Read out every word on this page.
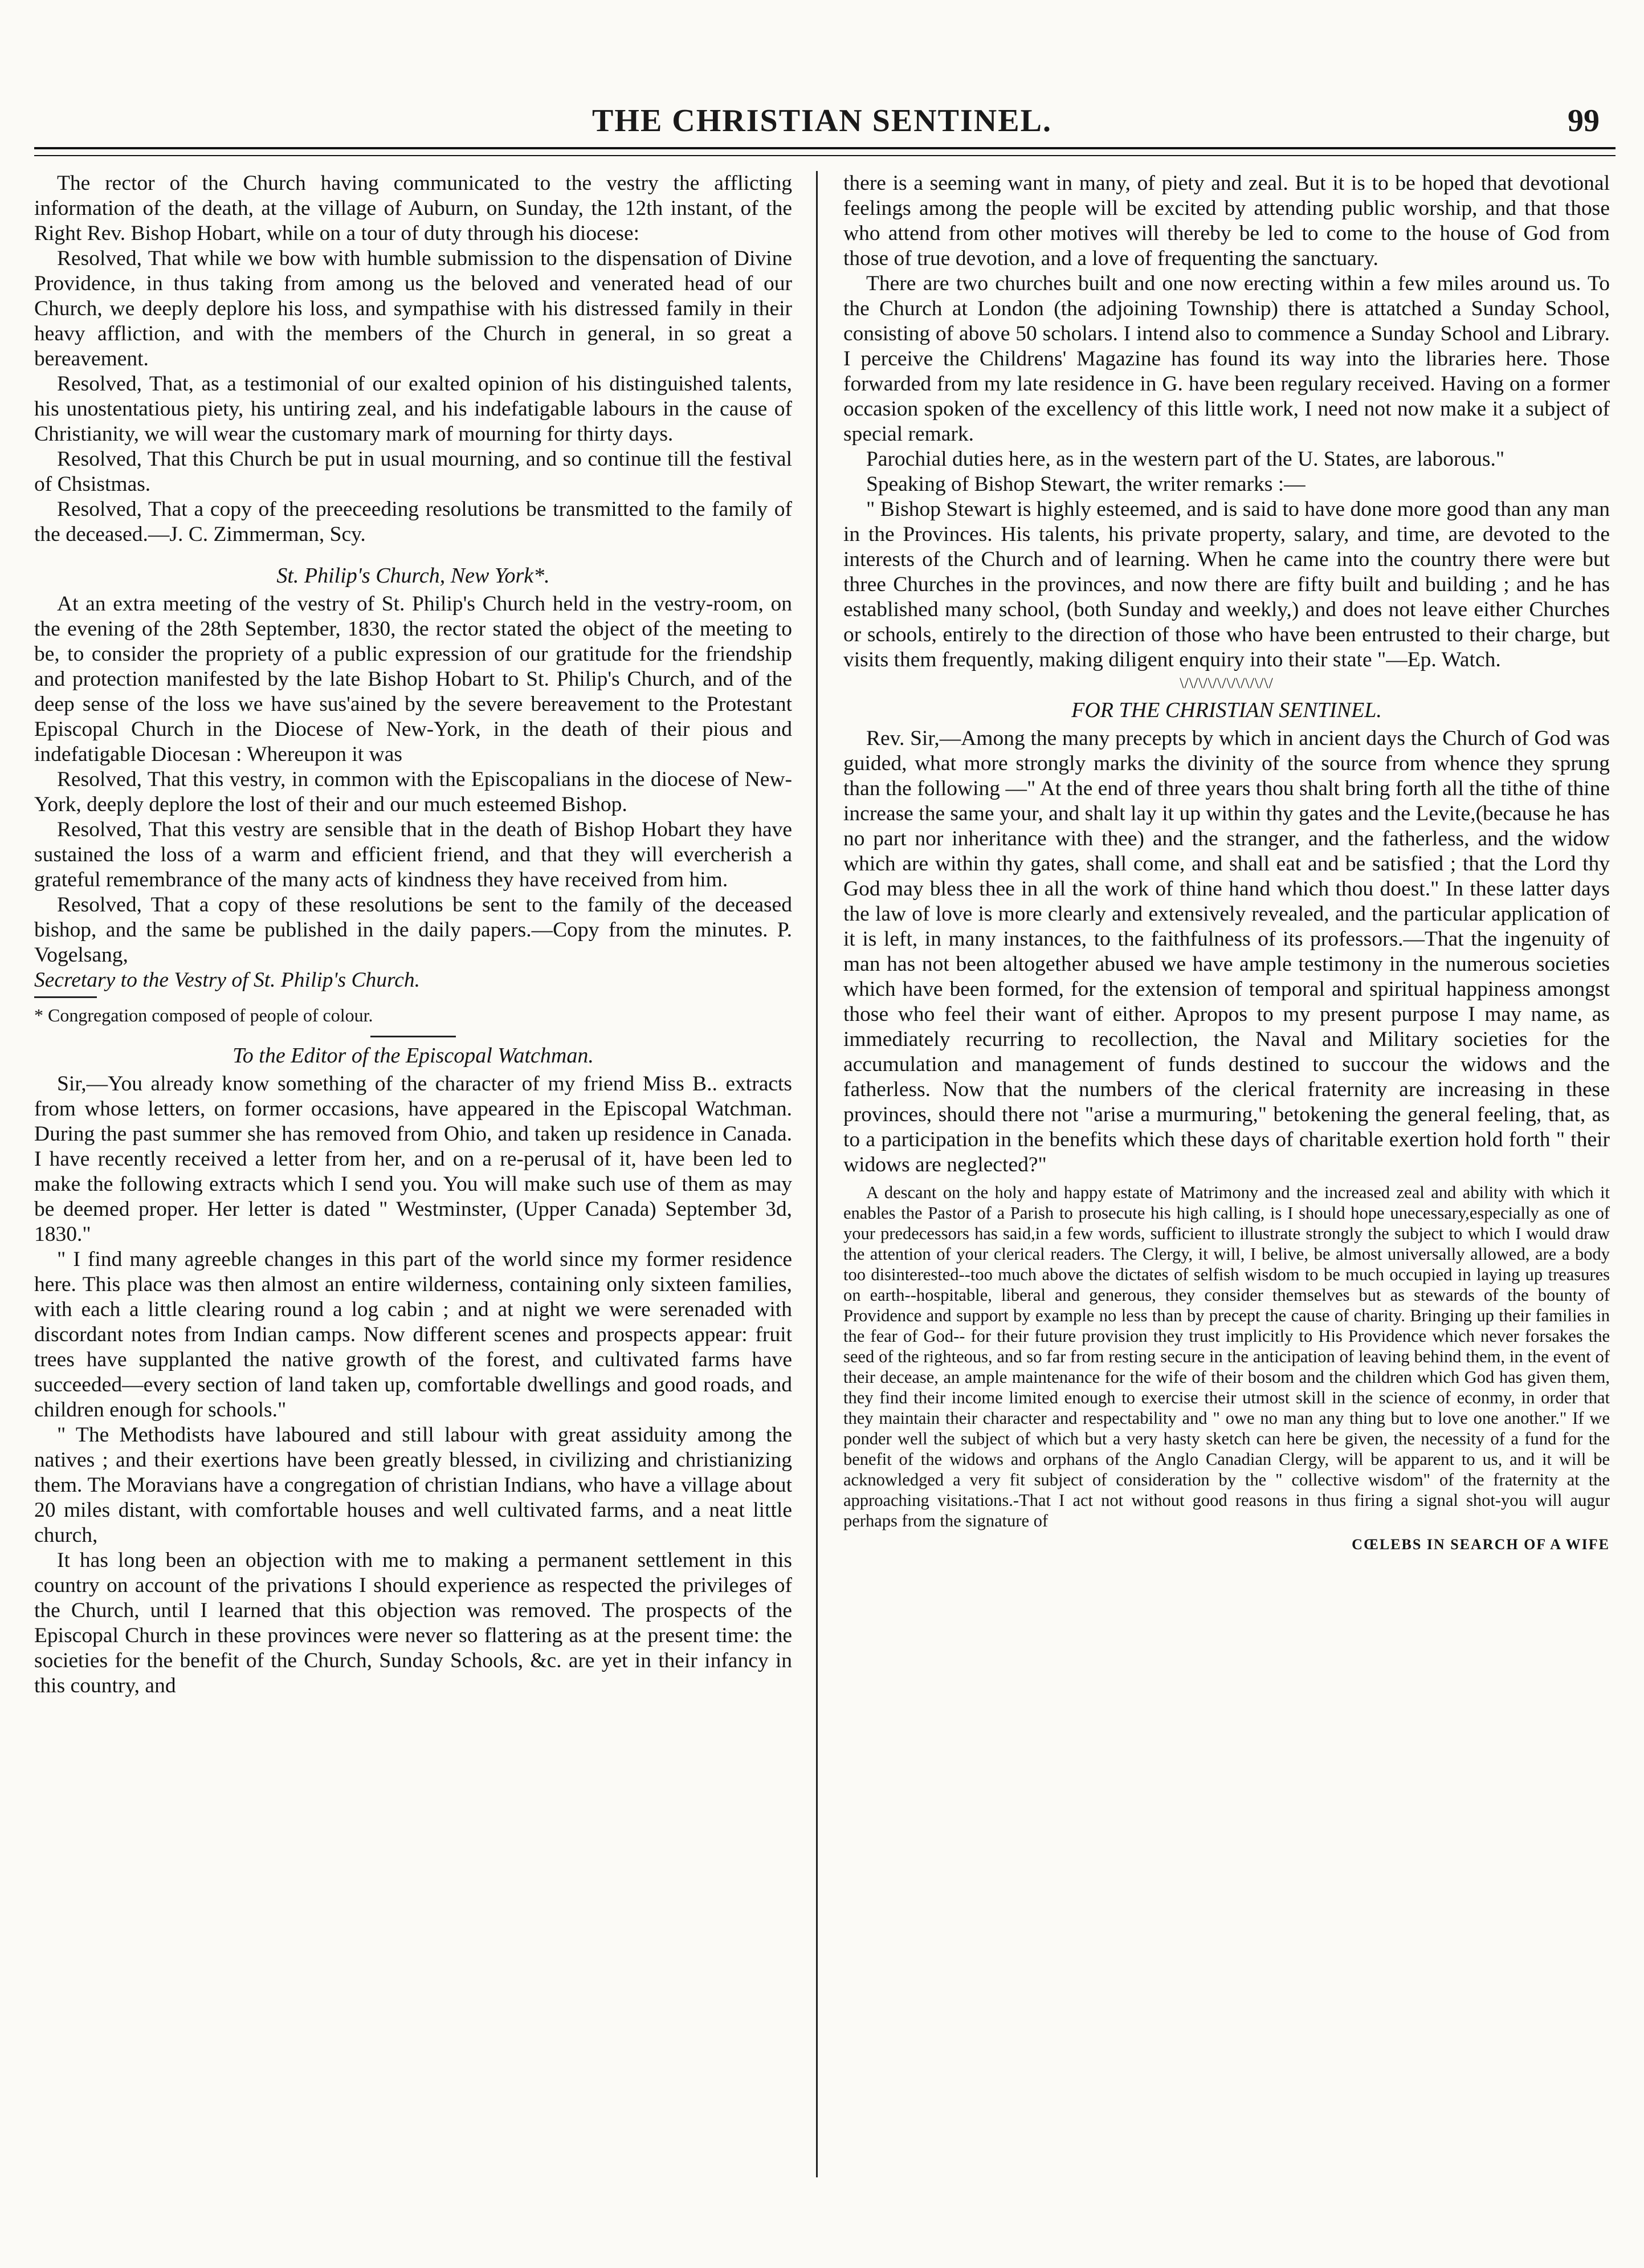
THE CHRISTIAN SENTINEL.	99

The rector of the Church having communicated to the vestry the afflicting information of the death, at the village of Auburn, on Sunday, the 12th instant, of the Right Rev. Bishop Hobart, while on a tour of duty through his diocese:

Resolved, That while we bow with humble submission to the dispensation of Divine Providence, in thus taking from among us the beloved and venerated head of our Church, we deeply deplore his loss, and sympathise with his distressed family in their heavy affliction, and with the members of the Church in general, in so great a bereavement.

Resolved, That, as a testimonial of our exalted opinion of his distinguished talents, his unostentatious piety, his untiring zeal, and his indefatigable labours in the cause of Christianity, we will wear the customary mark of mourning for thirty days.

Resolved, That this Church be put in usual mourning, and so continue till the festival of Chsistmas.

Resolved, That a copy of the preeceeding resolutions be transmitted to the family of the deceased.—J. C. Zimmerman, Scy.

St. Philip's Church, New York*.

At an extra meeting of the vestry of St. Philip's Church held in the vestry-room, on the evening of the 28th September, 1830, the rector stated the object of the meeting to be, to consider the propriety of a public expression of our gratitude for the friendship and protection manifested by the late Bishop Hobart to St. Philip's Church, and of the deep sense of the loss we have sus'ained by the severe bereavement to the Protestant Episcopal Church in the Diocese of New-York, in the death of their pious and indefatigable Diocesan : Whereupon it was

Resolved, That this vestry, in common with the Episcopalians in the diocese of New-York, deeply deplore the lost of their and our much esteemed Bishop.

Resolved, That this vestry are sensible that in the death of Bishop Hobart they have sustained the loss of a warm and efficient friend, and that they will evercherish a grateful remembrance of the many acts of kindness they have received from him.

Resolved, That a copy of these resolutions be sent to the family of the deceased bishop, and the same be published in the daily papers.—Copy from the minutes. P. Vogelsang,

Secretary to the Vestry of St. Philip's Church.

* Congregation composed of people of colour.

To the Editor of the Episcopal Watchman.

Sir,—You already know something of the character of my friend Miss B.. extracts from whose letters, on former occasions, have appeared in the Episcopal Watchman. During the past summer she has removed from Ohio, and taken up residence in Canada. I have recently received a letter from her, and on a re-perusal of it, have been led to make the following extracts which I send you. You will make such use of them as may be deemed proper. Her letter is dated " Westminster, (Upper Canada) September 3d, 1830."

" I find many agreeble changes in this part of the world since my former residence here. This place was then almost an entire wilderness, containing only sixteen families, with each a little clearing round a log cabin ; and at night we were serenaded with discordant notes from Indian camps. Now different scenes and prospects appear: fruit trees have supplanted the native growth of the forest, and cultivated farms have succeeded—every section of land taken up, comfortable dwellings and good roads, and children enough for schools."

" The Methodists have laboured and still labour with great assiduity among the natives ; and their exertions have been greatly blessed, in civilizing and christianizing them. The Moravians have a congregation of christian Indians, who have a village about 20 miles distant, with comfortable houses and well cultivated farms, and a neat little church,

It has long been an objection with me to making a permanent settlement in this country on account of the privations I should experience as respected the privileges of the Church, until I learned that this objection was removed. The prospects of the Episcopal Church in these provinces were never so flattering as at the present time: the societies for the benefit of the Church, Sunday Schools, &c. are yet in their infancy in this country, and

there is a seeming want in many, of piety and zeal. But it is to be hoped that devotional feelings among the people will be excited by attending public worship, and that those who attend from other motives will thereby be led to come to the house of God from those of true devotion, and a love of frequenting the sanctuary.

There are two churches built and one now erecting within a few miles around us. To the Church at London (the adjoining Township) there is attatched a Sunday School, consisting of above 50 scholars. I intend also to commence a Sunday School and Library. I perceive the Childrens' Magazine has found its way into the libraries here. Those forwarded from my late residence in G. have been regulary received. Having on a former occasion spoken of the excellency of this little work, I need not now make it a subject of special remark.

Parochial duties here, as in the western part of the U. States, are laborous."

Speaking of Bishop Stewart, the writer remarks :—

" Bishop Stewart is highly esteemed, and is said to have done more good than any man in the Provinces. His talents, his private property, salary, and time, are devoted to the interests of the Church and of learning. When he came into the country there were but three Churches in the provinces, and now there are fifty built and building ; and he has established many school, (both Sunday and weekly,) and does not leave either Churches or schools, entirely to the direction of those who have been entrusted to their charge, but visits them frequently, making diligent enquiry into their state "—Ep. Watch.

\/\/\/\/\/\/\/\/\/\/
FOR THE CHRISTIAN SENTINEL.

Rev. Sir,—Among the many precepts by which in ancient days the Church of God was guided, what more strongly marks the divinity of the source from whence they sprung than the following —" At the end of three years thou shalt bring forth all the tithe of thine increase the same your, and shalt lay it up within thy gates and the Levite,(because he has no part nor inheritance with thee) and the stranger, and the fatherless, and the widow which are within thy gates, shall come, and shall eat and be satisfied ; that the Lord thy God may bless thee in all the work of thine hand which thou doest." In these latter days the law of love is more clearly and extensively revealed, and the particular application of it is left, in many instances, to the faithfulness of its professors.—That the ingenuity of man has not been altogether abused we have ample testimony in the numerous societies which have been formed, for the extension of temporal and spiritual happiness amongst those who feel their want of either. Apropos to my present purpose I may name, as immediately recurring to recollection, the Naval and Military societies for the accumulation and management of funds destined to succour the widows and the fatherless. Now that the numbers of the clerical fraternity are increasing in these provinces, should there not "arise a murmuring," betokening the general feeling, that, as to a participation in the benefits which these days of charitable exertion hold forth " their widows are neglected?"

A descant on the holy and happy estate of Matrimony and the increased zeal and ability with which it enables the Pastor of a Parish to prosecute his high calling, is I should hope unecessary,especially as one of your predecessors has said,in a few words, sufficient to illustrate strongly the subject to which I would draw the attention of your clerical readers. The Clergy, it will, I belive, be almost universally allowed, are a body too disinterested--too much above the dictates of selfish wisdom to be much occupied in laying up treasures on earth--hospitable, liberal and generous, they consider themselves but as stewards of the bounty of Providence and support by example no less than by precept the cause of charity. Bringing up their families in the fear of God-- for their future provision they trust implicitly to His Providence which never forsakes the seed of the righteous, and so far from resting secure in the anticipation of leaving behind them, in the event of their decease, an ample maintenance for the wife of their bosom and the children which God has given them, they find their income limited enough to exercise their utmost skill in the science of econmy, in order that they maintain their character and respectability and " owe no man any thing but to love one another." If we ponder well the subject of which but a very hasty sketch can here be given, the necessity of a fund for the benefit of the widows and orphans of the Anglo Canadian Clergy, will be apparent to us, and it will be acknowledged a very fit subject of consideration by the " collective wisdom" of the fraternity at the approaching visitations.-That I act not without good reasons in thus firing a signal shot-you will augur perhaps from the signature of

CŒLEBS IN SEARCH OF A WIFE
